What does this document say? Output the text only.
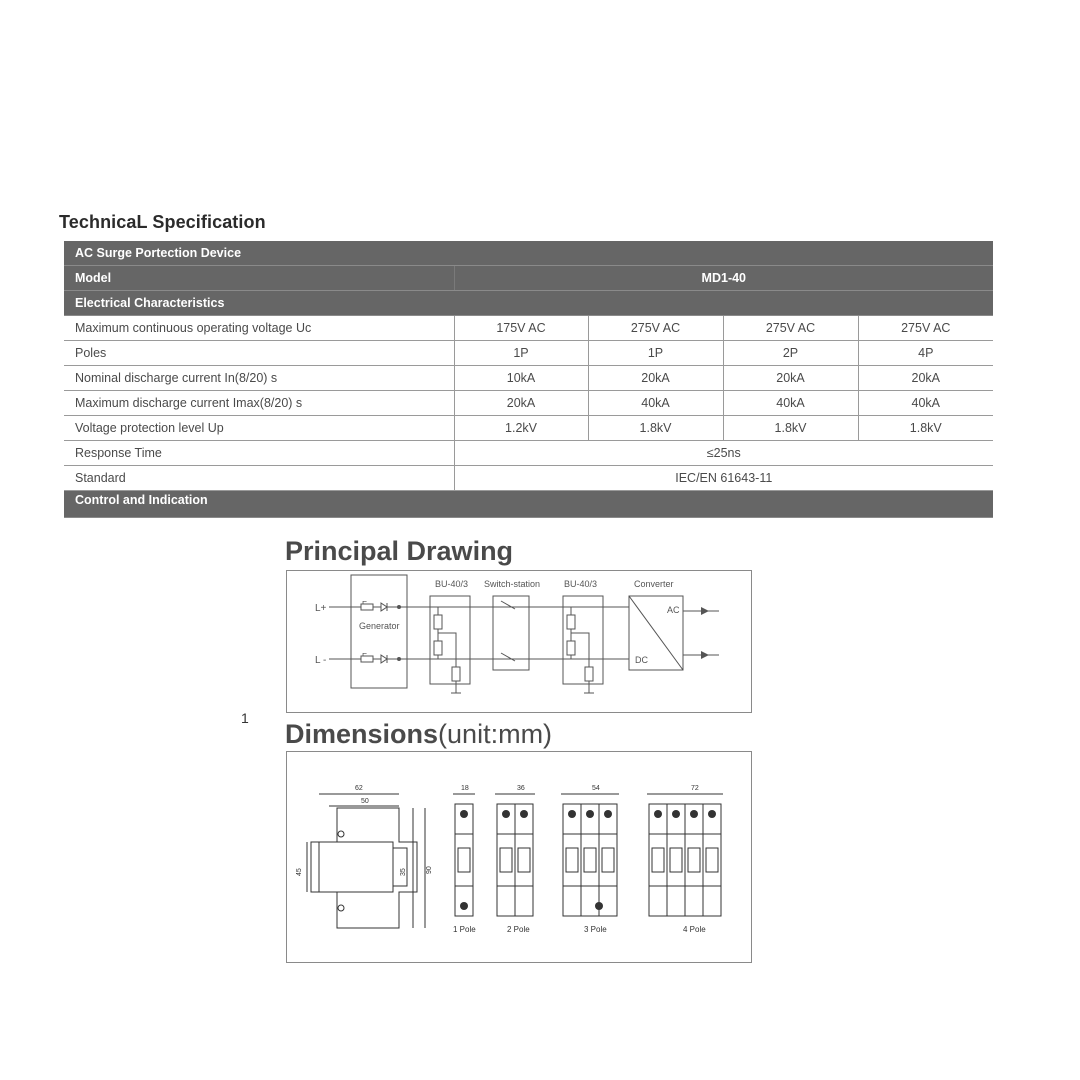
TechnicaL Specification
AC Surge Portection Device				
Model	MD1-40			
Electrical Characteristics				
Maximum continuous operating voltage Uc	175V AC	275V AC	275V AC	275V AC
Poles	1P	1P	2P	4P
Nominal discharge current In(8/20) s	10kA	20kA	20kA	20kA
Maximum discharge current Imax(8/20) s	20kA	40kA	40kA	40kA
Voltage protection level Up	1.2kV	1.8kV	1.8kV	1.8kV
Response Time	≤25ns			
Standard	IEC/EN 61643-11			
Control and Indication				
Principal Drawing
BU-40/3 Switch-station	BU-40/3	Converter
L+
L -
Generator
AC
DC
1
Dimensions(unit:mm)
62
50
45	35	90
18	36	54	72
1 Pole	2 Pole	3 Pole	4 Pole
